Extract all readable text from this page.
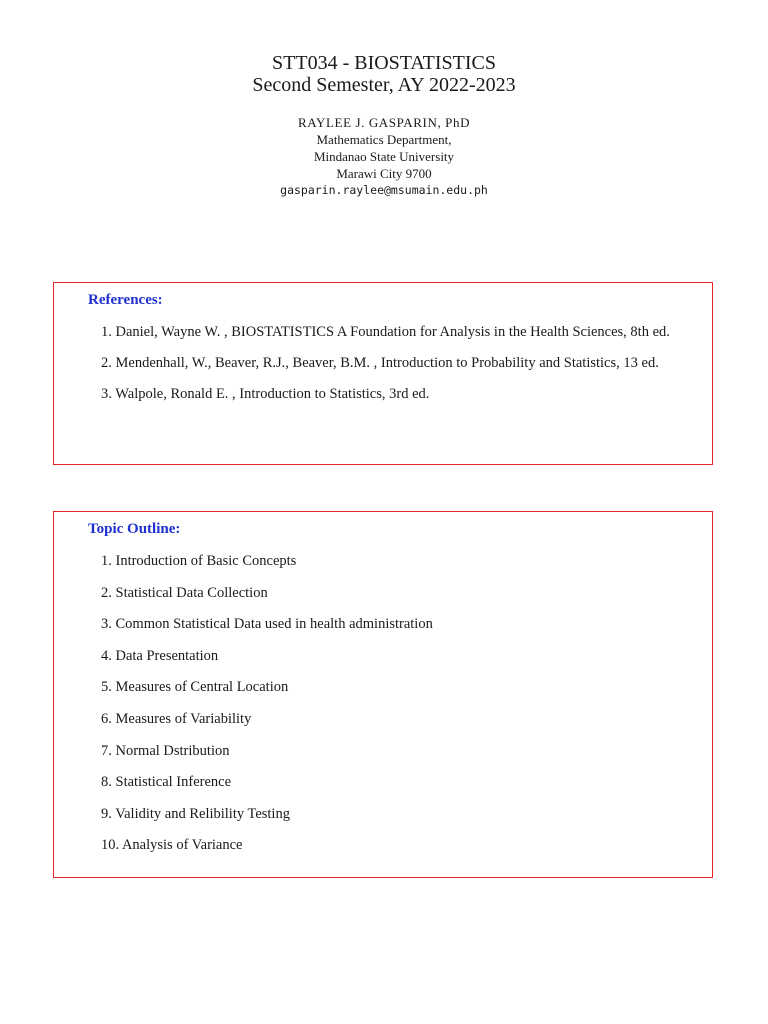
STT034 - BIOSTATISTICS
Second Semester, AY 2022-2023
RAYLEE J. GASPARIN, PhD
Mathematics Department,
Mindanao State University
Marawi City 9700
gasparin.raylee@msumain.edu.ph
References:
1. Daniel, Wayne W. , BIOSTATISTICS A Foundation for Analysis in the Health Sciences, 8th ed.
2. Mendenhall, W., Beaver, R.J., Beaver, B.M. , Introduction to Probability and Statistics, 13 ed.
3. Walpole, Ronald E. , Introduction to Statistics, 3rd ed.
Topic Outline:
1. Introduction of Basic Concepts
2. Statistical Data Collection
3. Common Statistical Data used in health administration
4. Data Presentation
5. Measures of Central Location
6. Measures of Variability
7. Normal Dstribution
8. Statistical Inference
9. Validity and Relibility Testing
10. Analysis of Variance
